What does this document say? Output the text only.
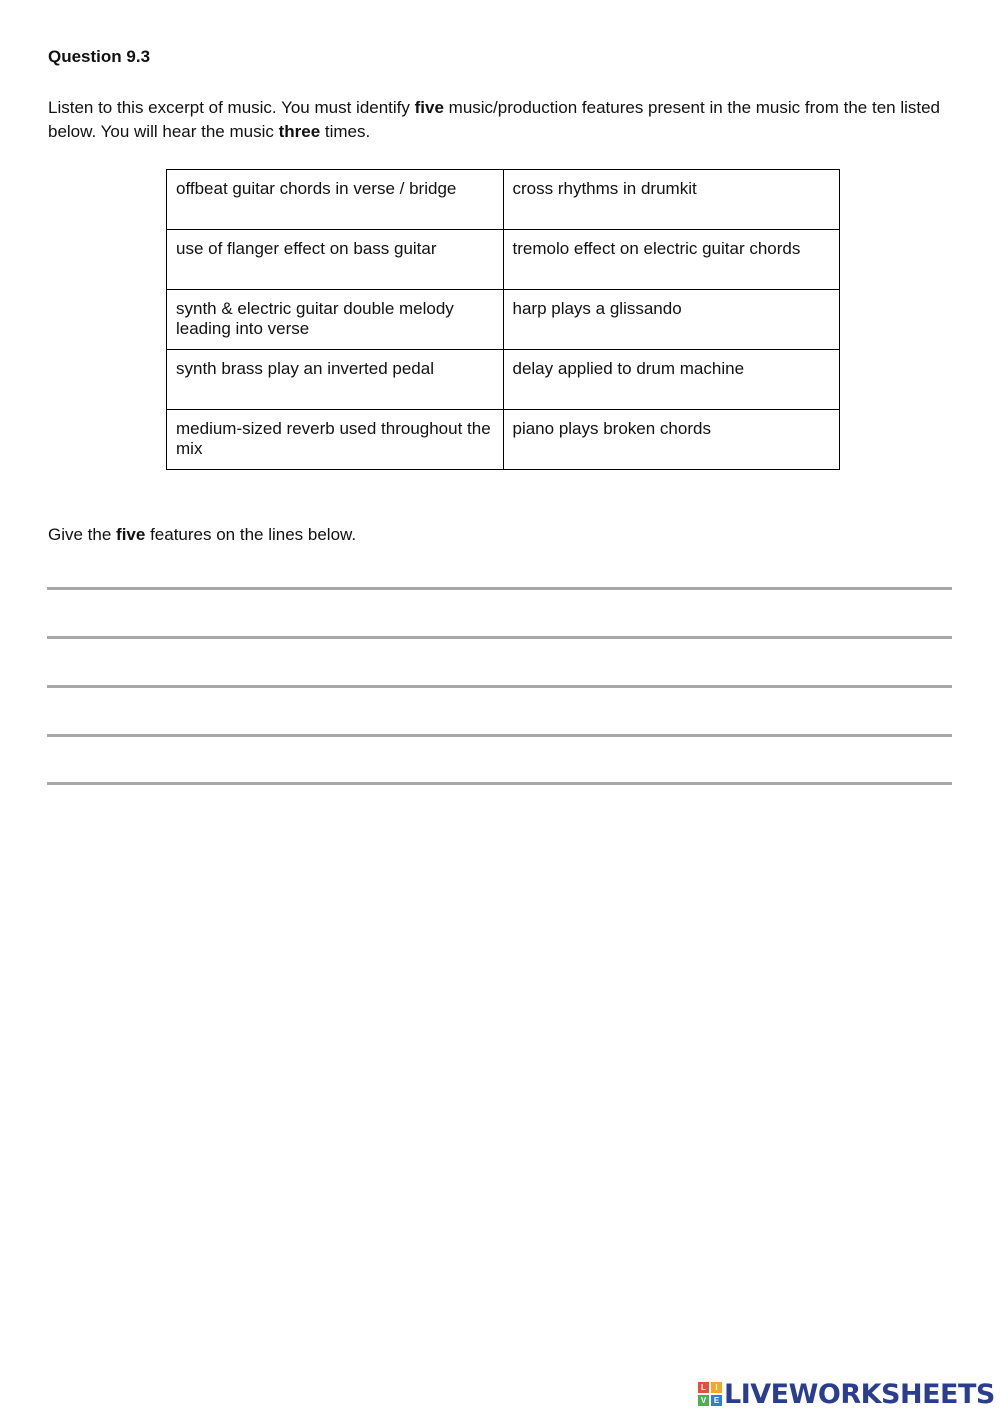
Question 9.3

Listen to this excerpt of music. You must identify five music/production features present in the music from the ten listed below. You will hear the music three times.

offbeat guitar chords in verse / bridge	cross rhythms in drumkit
use of flanger effect on bass guitar	tremolo effect on electric guitar chords
synth & electric guitar double melody leading into verse	harp plays a glissando
synth brass play an inverted pedal	delay applied to drum machine
medium-sized reverb used throughout the mix	piano plays broken chords

Give the five features on the lines below.

L	I
V E LIVEWORKSHEETS
